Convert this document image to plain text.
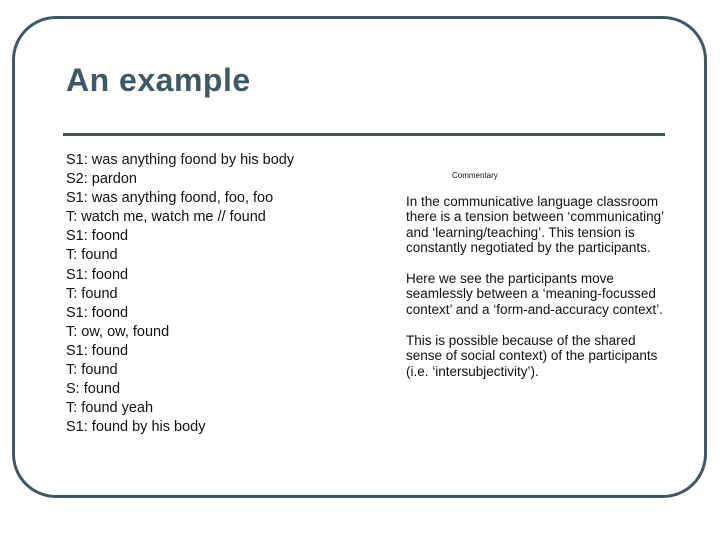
An example
S1: was anything foond by his body
S2: pardon
S1: was anything foond, foo, foo
T: watch me, watch me // found
S1: foond
T: found
S1: foond
T: found
S1: foond
T: ow, ow, found
S1: found
T: found
S: found
T: found yeah
S1: found by his body
Commentary

In the communicative language classroom there is a tension between ‘communicating’ and ‘learning/teaching’. This tension is constantly negotiated by the participants.

Here we see the participants move seamlessly between a ‘meaning-focussed context’ and a ‘form-and-accuracy context’.

This is possible because of the shared sense of social context) of the participants (i.e. ‘intersubjectivity’).
